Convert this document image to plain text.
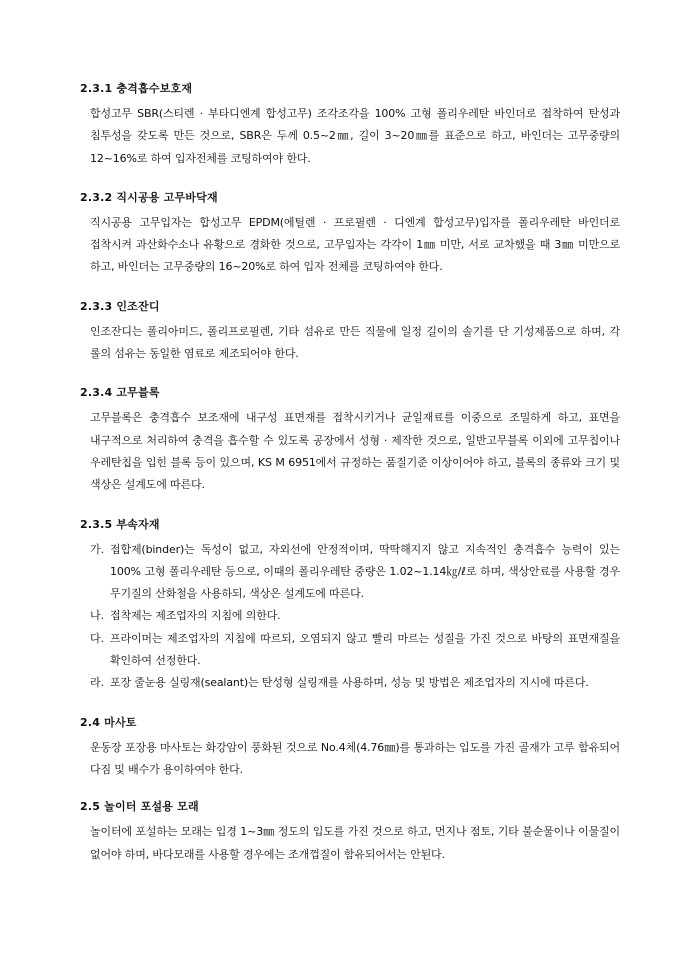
2.3.1 충격흡수보호재

합성고무 SBR(스티렌 · 부타디엔계 합성고무) 조각조각을 100% 고형 폴리우레탄 바인더로 접착하여 탄성과 침투성을 갖도록 만든 것으로, SBR은 두께 0.5~2㎜, 길이 3~20㎜를 표준으로 하고, 바인더는 고무중량의 12~16%로 하여 입자전체를 코팅하여야 한다.

2.3.2 직시공용 고무바닥재

직시공용 고무입자는 합성고무 EPDM(에틸렌 · 프로필렌 · 디엔계 합성고무)입자를 폴리우레탄 바인더로 접착시켜 과산화수소나 유황으로 경화한 것으로, 고무입자는 각각이 1㎜ 미만, 서로 교차했을 때 3㎜ 미만으로 하고, 바인더는 고무중량의 16~20%로 하여 입자 전체를 코팅하여야 한다.

2.3.3 인조잔디

인조잔디는 폴리아미드, 폴리프로필렌, 기타 섬유로 만든 직물에 일정 길이의 솔기를 단 기성제품으로 하며, 각 롤의 섬유는 동일한 염료로 제조되어야 한다.

2.3.4 고무블록

고무블록은 충격흡수 보조재에 내구성 표면재를 접착시키거나 균일재료를 이중으로 조밀하게 하고, 표면을 내구적으로 처리하여 충격을 흡수할 수 있도록 공장에서 성형 · 제작한 것으로, 일반고무블록 이외에 고무칩이나 우레탄칩을 입힌 블록 등이 있으며, KS M 6951에서 규정하는 품질기준 이상이어야 하고, 블록의 종류와 크기 및 색상은 설계도에 따른다.

2.3.5 부속자재
가. 접합제(binder)는 독성이 없고, 자외선에 안정적이며, 딱딱해지지 않고 지속적인 충격흡수 능력이 있는 100% 고형 폴리우레탄 등으로, 이때의 폴리우레탄 중량은 1.02~1.14㎏/ℓ로 하며, 색상안료를 사용할 경우 무기질의 산화철을 사용하되, 색상은 설계도에 따른다.
나. 접착제는 제조업자의 지침에 의한다.
다. 프라이머는 제조업자의 지침에 따르되, 오염되지 않고 빨리 마르는 성질을 가진 것으로 바탕의 표면재질을 확인하여 선정한다.
라. 포장 줄눈용 실링재(sealant)는 탄성형 실링재를 사용하며, 성능 및 방법은 제조업자의 지시에 따른다.
2.4 마사토

운동장 포장용 마사토는 화강암이 풍화된 것으로 No.4체(4.76㎜)를 통과하는 입도를 가진 골재가 고루 함유되어 다짐 및 배수가 용이하여야 한다.

2.5 놀이터 포설용 모래

놀이터에 포설하는 모래는 입경 1~3㎜ 정도의 입도를 가진 것으로 하고, 먼지나 점토, 기타 불순물이나 이물질이 없어야 하며, 바다모래를 사용할 경우에는 조개껍질이 함유되어서는 안된다.
